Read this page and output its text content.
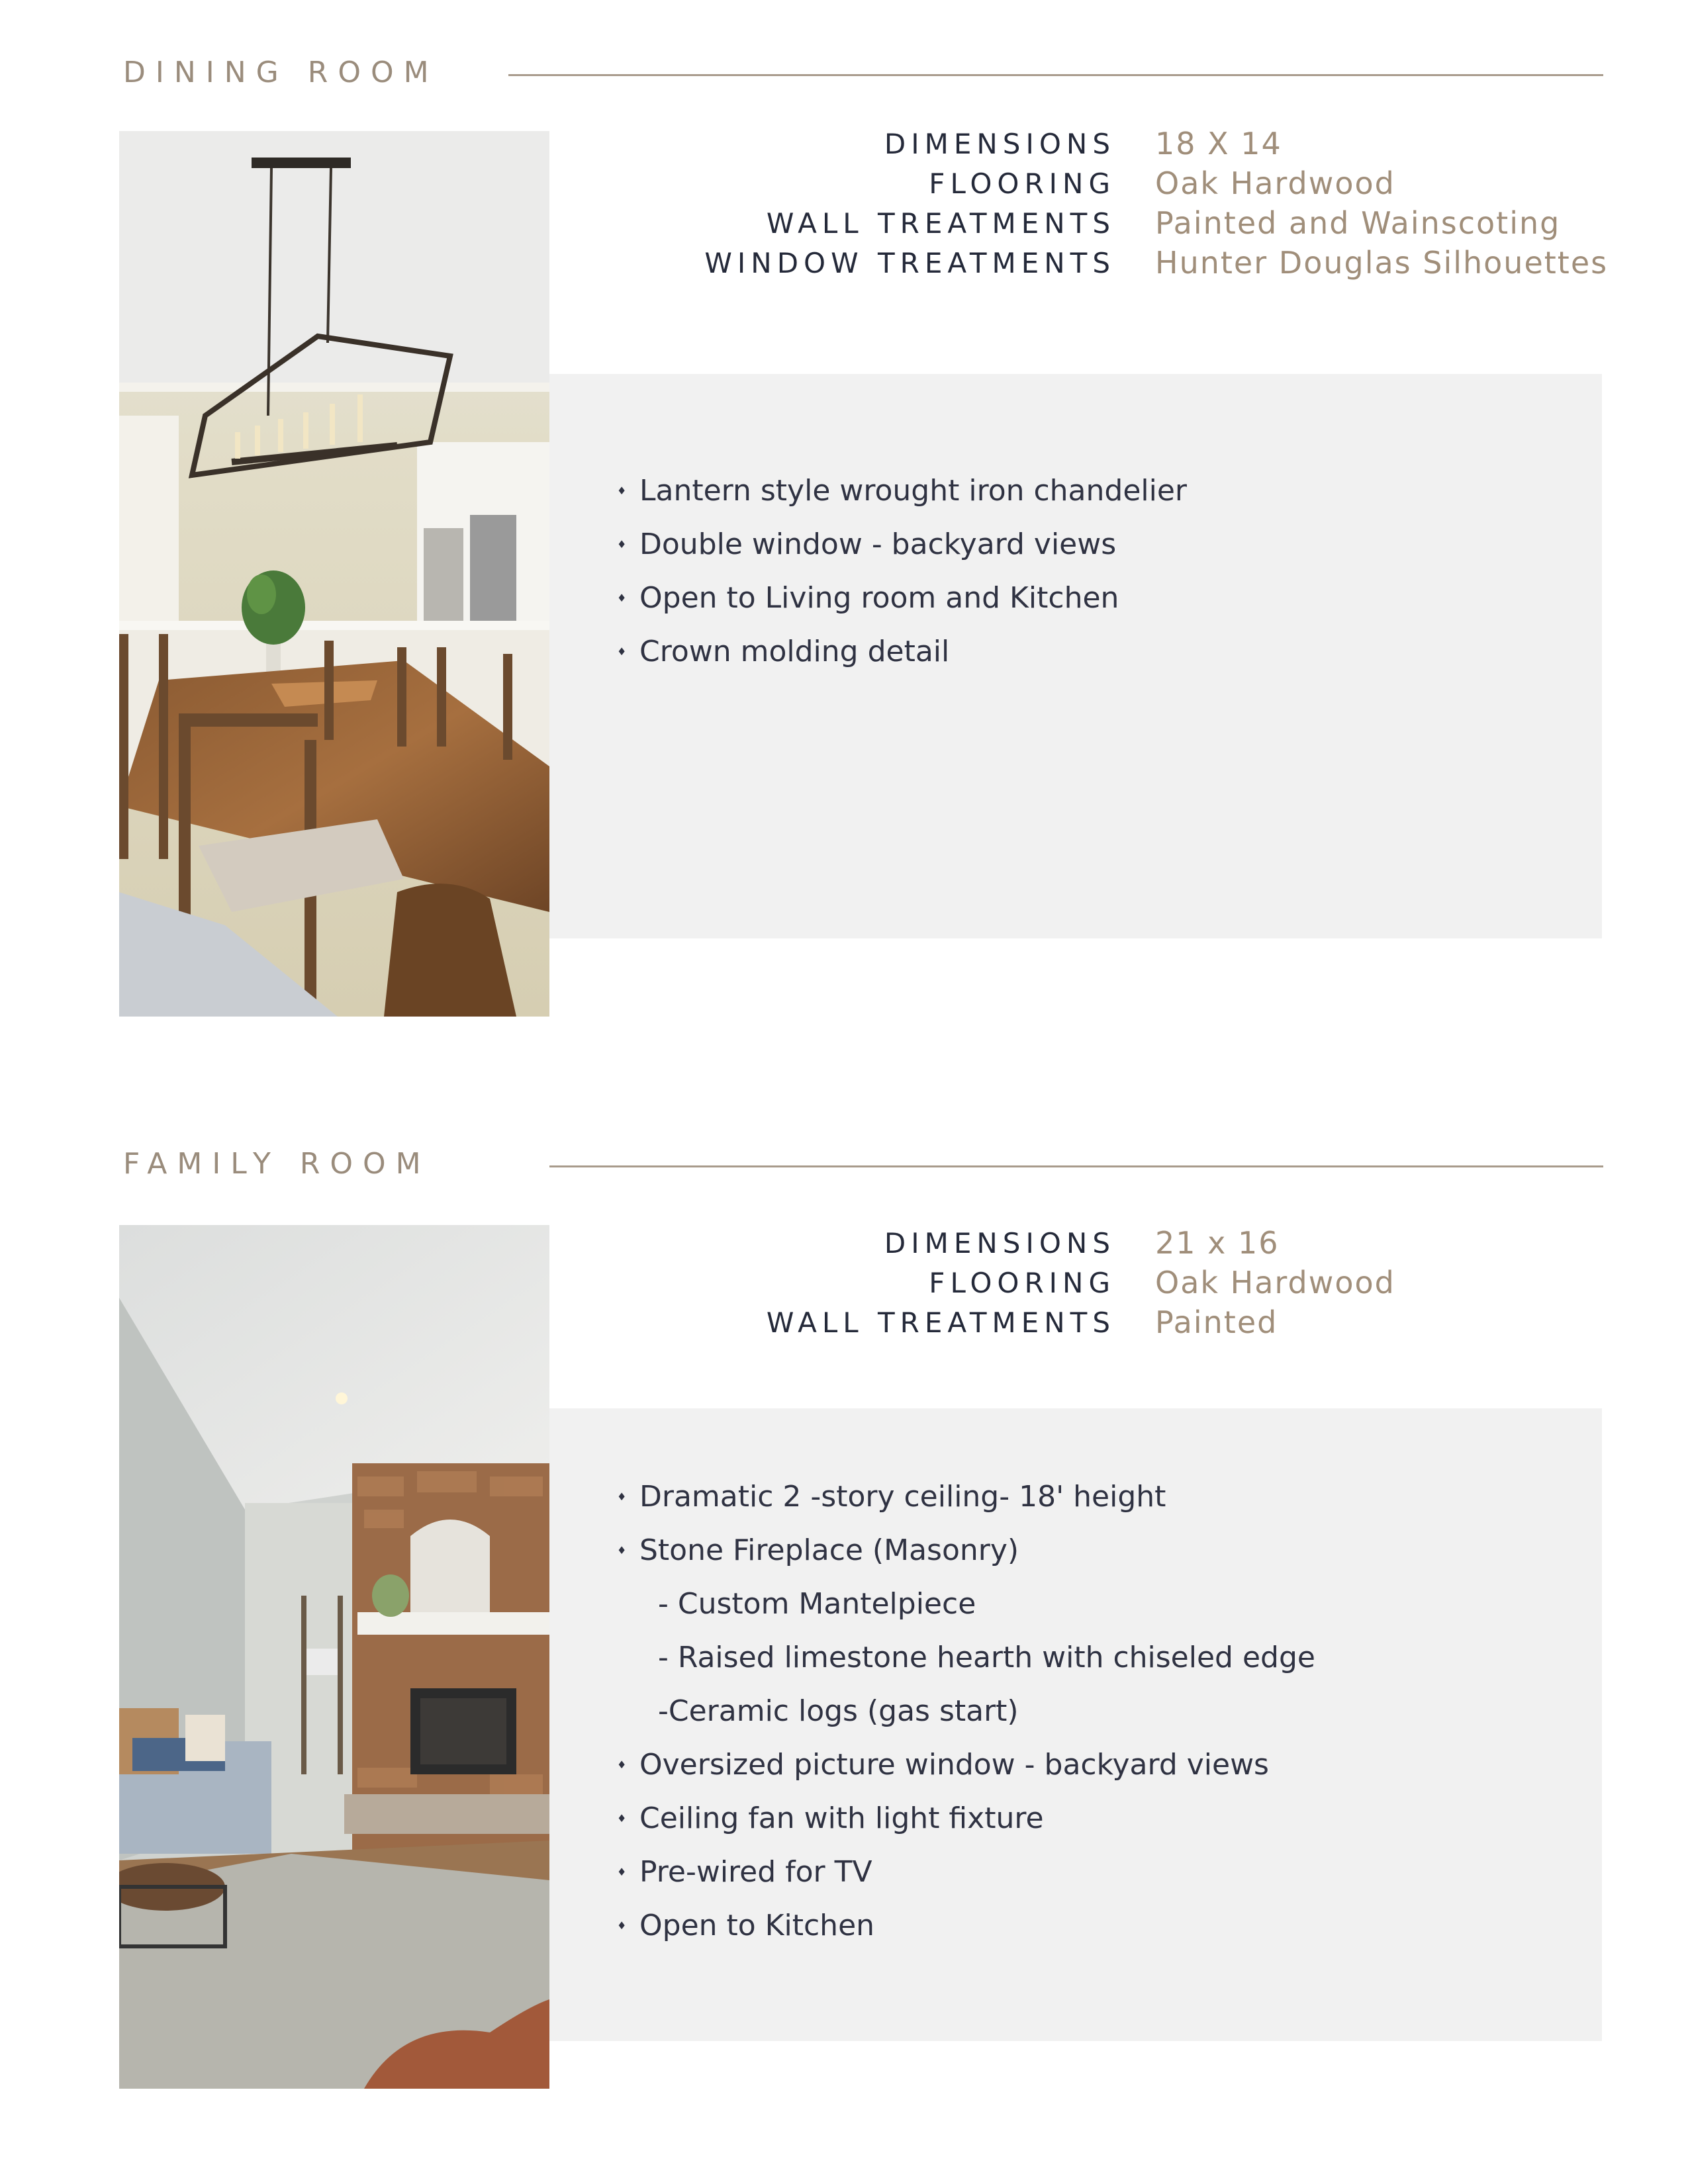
DINING ROOM
DIMENSIONS 18 X 14
FLOORING Oak Hardwood
WALL TREATMENTS Painted and Wainscoting
WINDOW TREATMENTS Hunter Douglas Silhouettes
♦ Lantern style wrought iron chandelier
♦ Double window - backyard views
♦ Open to Living room and Kitchen
♦ Crown molding detail
FAMILY ROOM
DIMENSIONS 21 x 16
FLOORING Oak Hardwood
WALL TREATMENTS Painted
♦ Dramatic 2 -story ceiling- 18' height
♦ Stone Fireplace (Masonry)
- Custom Mantelpiece
- Raised limestone hearth with chiseled edge
-Ceramic logs (gas start)
♦ Oversized picture window - backyard views
♦ Ceiling fan with light fixture
♦ Pre-wired for TV
♦ Open to Kitchen
